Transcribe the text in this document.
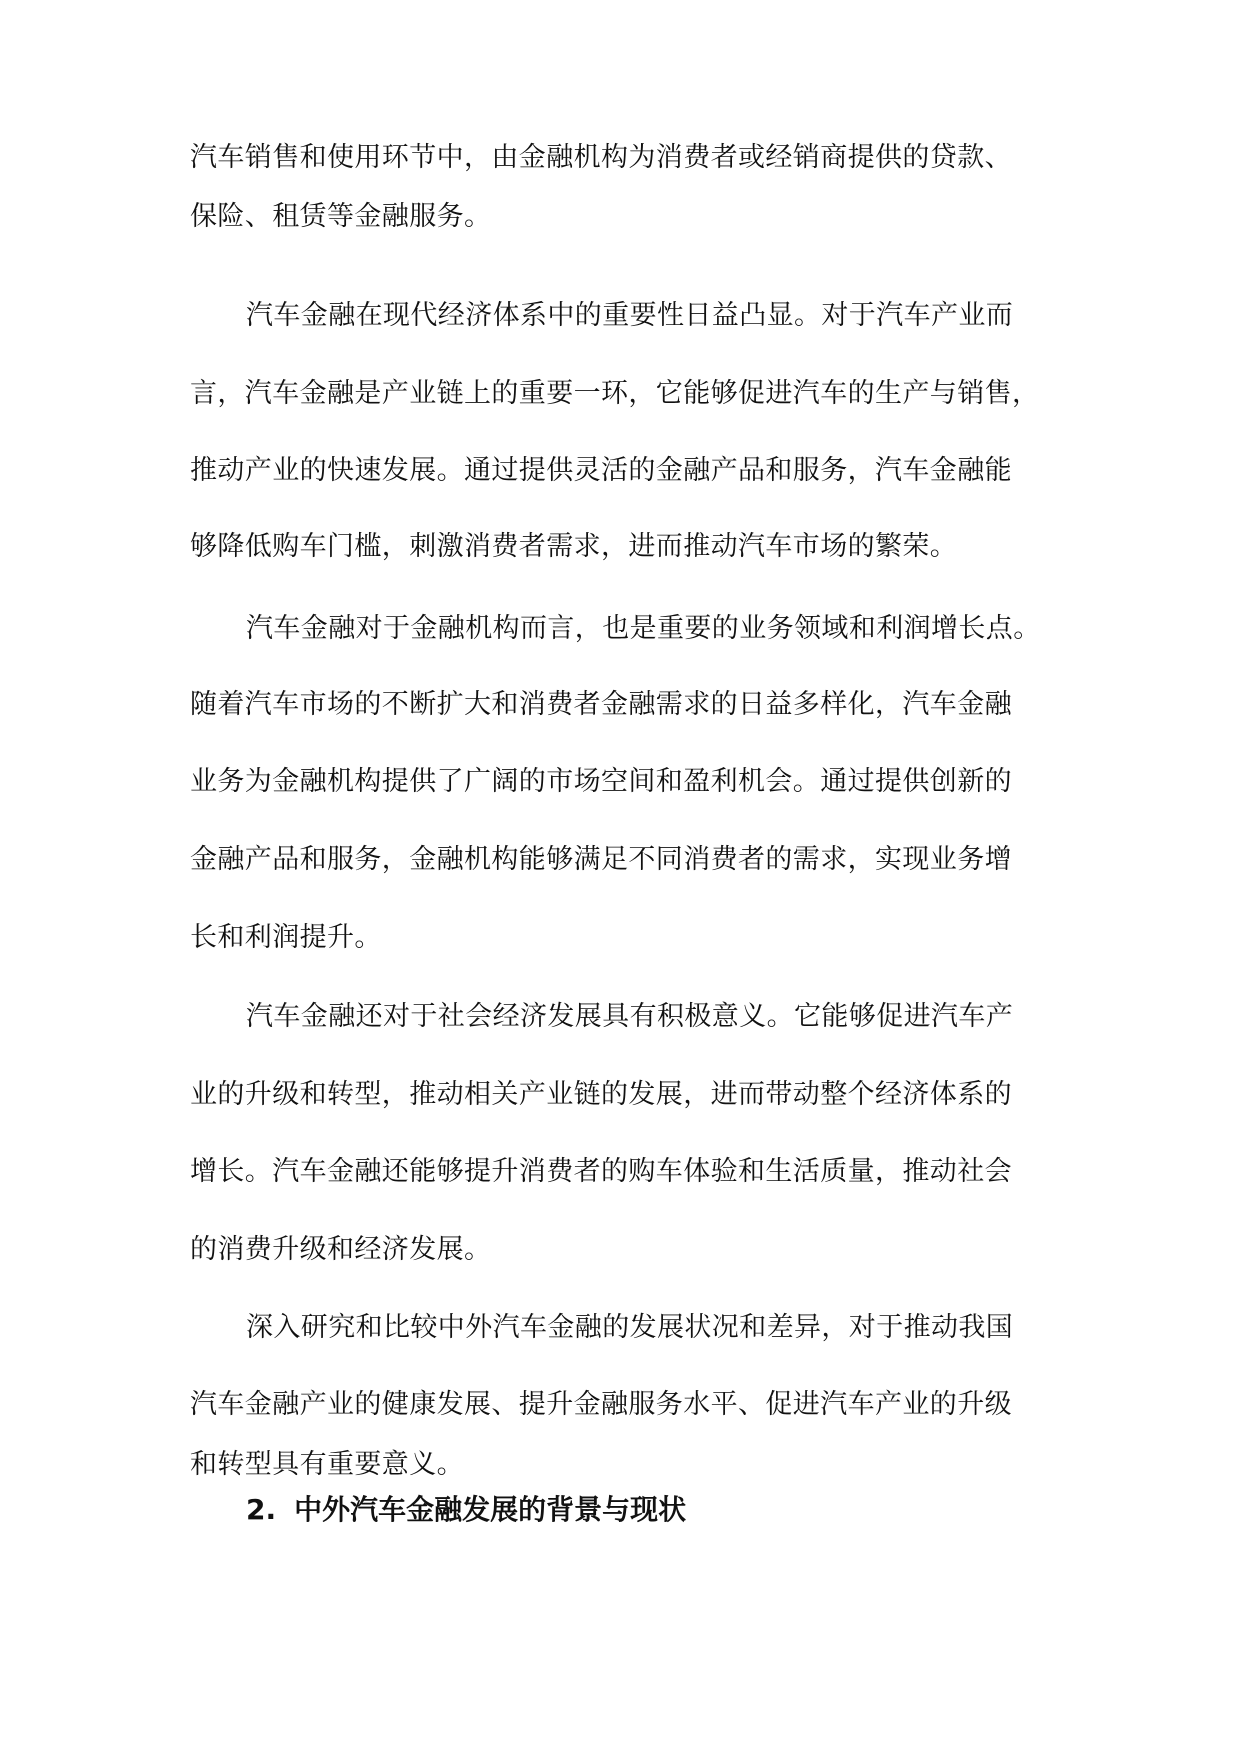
汽车销售和使用环节中，由金融机构为消费者或经销商提供的贷款、
保险、租赁等金融服务。
汽车金融在现代经济体系中的重要性日益凸显。对于汽车产业而
言，汽车金融是产业链上的重要一环，它能够促进汽车的生产与销售，
推动产业的快速发展。通过提供灵活的金融产品和服务，汽车金融能
够降低购车门槛，刺激消费者需求，进而推动汽车市场的繁荣。
汽车金融对于金融机构而言，也是重要的业务领域和利润增长点。
随着汽车市场的不断扩大和消费者金融需求的日益多样化，汽车金融
业务为金融机构提供了广阔的市场空间和盈利机会。通过提供创新的
金融产品和服务，金融机构能够满足不同消费者的需求，实现业务增
长和利润提升。
汽车金融还对于社会经济发展具有积极意义。它能够促进汽车产
业的升级和转型，推动相关产业链的发展，进而带动整个经济体系的
增长。汽车金融还能够提升消费者的购车体验和生活质量，推动社会
的消费升级和经济发展。
深入研究和比较中外汽车金融的发展状况和差异，对于推动我国
汽车金融产业的健康发展、提升金融服务水平、促进汽车产业的升级
和转型具有重要意义。
2. 中外汽车金融发展的背景与现状
